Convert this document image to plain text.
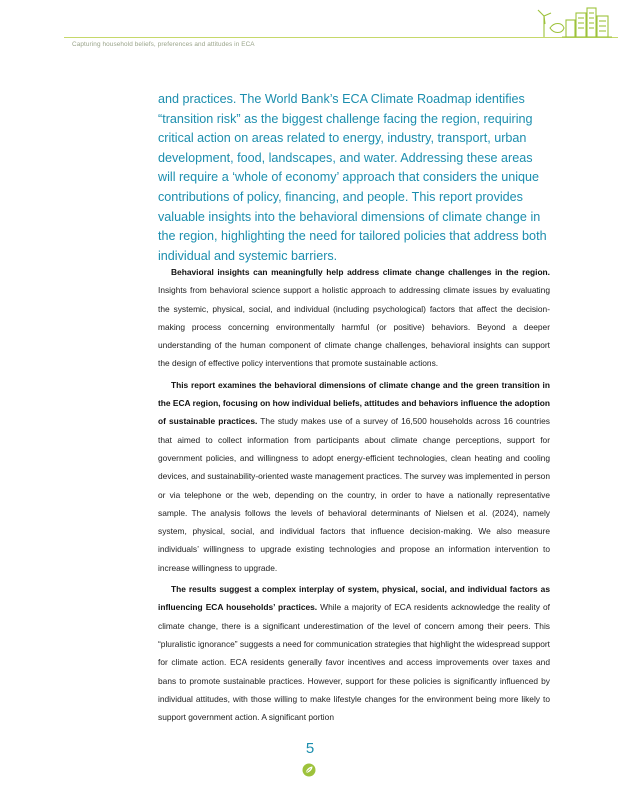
Capturing household beliefs, preferences and attitudes in ECA

and practices. The World Bank’s ECA Climate Roadmap identifies “transition risk” as the biggest challenge facing the region, requiring critical action on areas related to energy, industry, transport, urban development, food, landscapes, and water. Addressing these areas will require a ‘whole of economy’ approach that considers the unique contributions of policy, financing, and people. This report provides valuable insights into the behavioral dimensions of climate change in the region, highlighting the need for tailored policies that address both individual and systemic barriers.

Behavioral insights can meaningfully help address climate change challenges in the region. Insights from behavioral science support a holistic approach to addressing climate issues by evaluating the systemic, physical, social, and individual (including psychological) factors that affect the decision-making process concerning environmentally harmful (or positive) behaviors. Beyond a deeper understanding of the human component of climate change challenges, behavioral insights can support the design of effective policy interventions that promote sustainable actions.

This report examines the behavioral dimensions of climate change and the green transition in the ECA region, focusing on how individual beliefs, attitudes and behaviors influence the adoption of sustainable practices. The study makes use of a survey of 16,500 households across 16 countries that aimed to collect information from participants about climate change perceptions, support for government policies, and willingness to adopt energy-efficient technologies, clean heating and cooling devices, and sustainability-oriented waste management practices. The survey was implemented in person or via telephone or the web, depending on the country, in order to have a nationally representative sample. The analysis follows the levels of behavioral determinants of Nielsen et al. (2024), namely system, physical, social, and individual factors that influence decision-making. We also measure individuals’ willingness to upgrade existing technologies and propose an information intervention to increase willingness to upgrade.

The results suggest a complex interplay of system, physical, social, and individual factors as influencing ECA households’ practices. While a majority of ECA residents acknowledge the reality of climate change, there is a significant underestimation of the level of concern among their peers. This “pluralistic ignorance” suggests a need for communication strategies that highlight the widespread support for climate action. ECA residents generally favor incentives and access improvements over taxes and bans to promote sustainable practices. However, support for these policies is significantly influenced by individual attitudes, with those willing to make lifestyle changes for the environment being more likely to support government action. A significant portion

5
